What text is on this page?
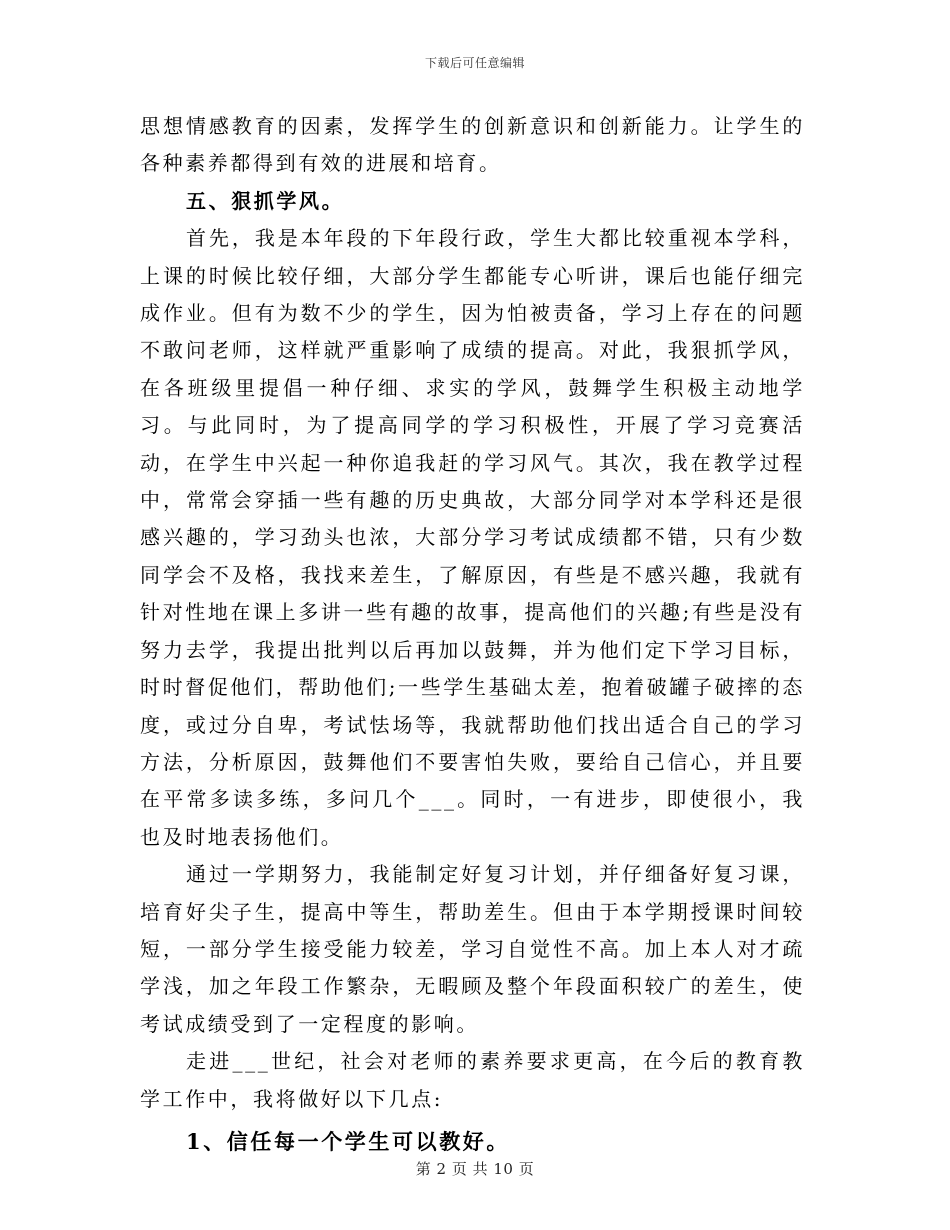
下载后可任意编辑

思想情感教育的因素，发挥学生的创新意识和创新能力。让学生的各种素养都得到有效的进展和培育。

五、狠抓学风。

首先，我是本年段的下年段行政，学生大都比较重视本学科，上课的时候比较仔细，大部分学生都能专心听讲，课后也能仔细完成作业。但有为数不少的学生，因为怕被责备，学习上存在的问题不敢问老师，这样就严重影响了成绩的提高。对此，我狠抓学风，在各班级里提倡一种仔细、求实的学风，鼓舞学生积极主动地学习。与此同时，为了提高同学的学习积极性，开展了学习竞赛活动，在学生中兴起一种你追我赶的学习风气。其次，我在教学过程中，常常会穿插一些有趣的历史典故，大部分同学对本学科还是很感兴趣的，学习劲头也浓，大部分学习考试成绩都不错，只有少数同学会不及格，我找来差生，了解原因，有些是不感兴趣，我就有针对性地在课上多讲一些有趣的故事，提高他们的兴趣;有些是没有努力去学，我提出批判以后再加以鼓舞，并为他们定下学习目标，时时督促他们，帮助他们;一些学生基础太差，抱着破罐子破摔的态度，或过分自卑，考试怯场等，我就帮助他们找出适合自己的学习方法，分析原因，鼓舞他们不要害怕失败，要给自己信心，并且要在平常多读多练，多问几个___。同时，一有进步，即使很小，我也及时地表扬他们。

通过一学期努力，我能制定好复习计划，并仔细备好复习课，培育好尖子生，提高中等生，帮助差生。但由于本学期授课时间较短，一部分学生接受能力较差，学习自觉性不高。加上本人对才疏学浅，加之年段工作繁杂，无暇顾及整个年段面积较广的差生，使考试成绩受到了一定程度的影响。

走进___世纪，社会对老师的素养要求更高，在今后的教育教学工作中，我将做好以下几点:

1、信任每一个学生可以教好。

第 2 页 共 10 页
